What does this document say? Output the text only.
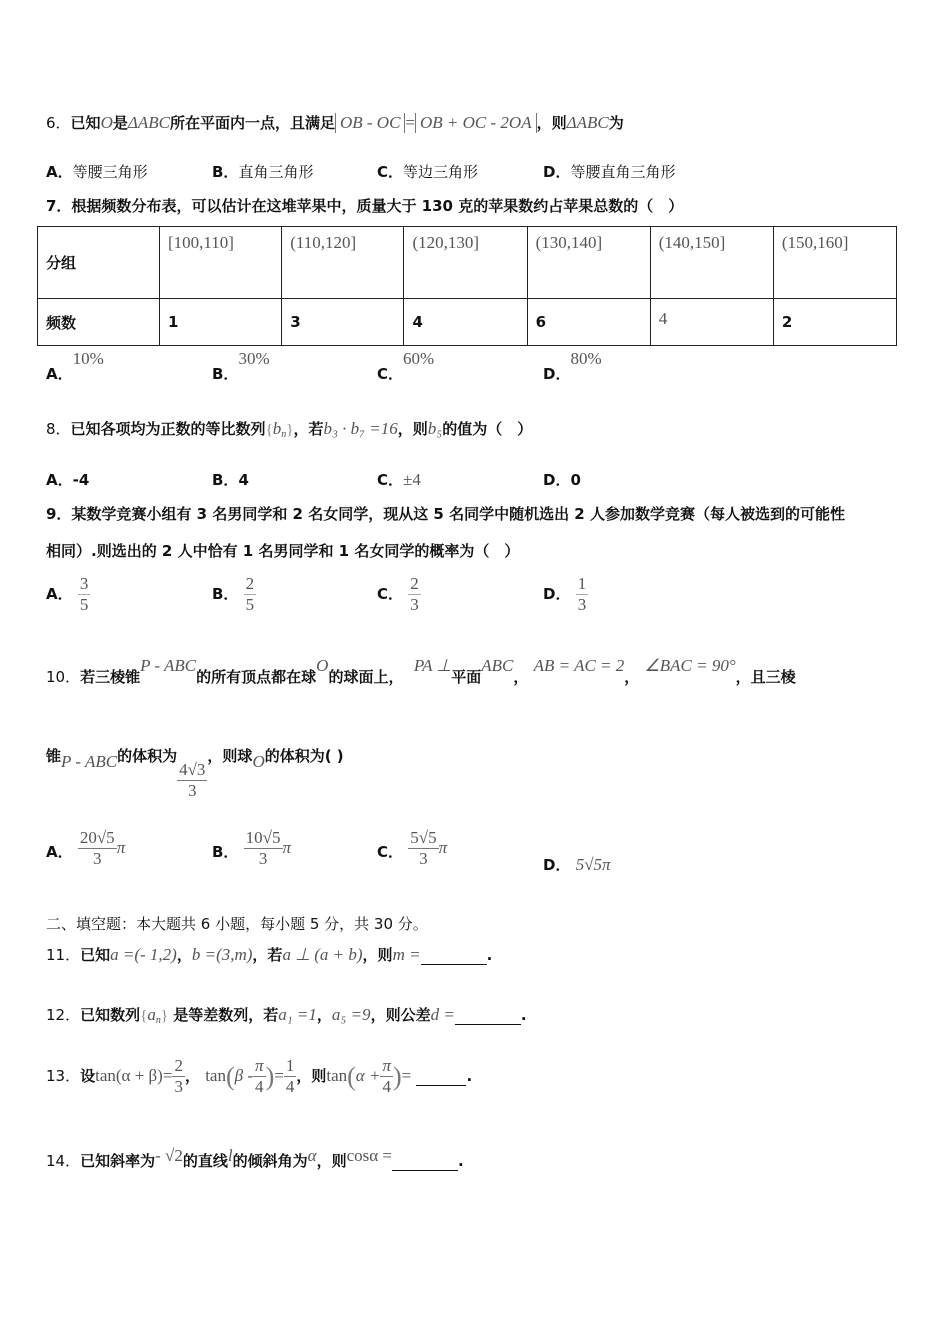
6．已知O是ΔABC所在平面内一点，且满足 OB - OC = OB + OC - 2OA ，则ΔABC为
A．等腰三角形	B．直角三角形	C．等边三角形	D．等腰直角三角形
7．根据频数分布表，可以估计在这堆苹果中，质量大于 130 克的苹果数约占苹果总数的（　）
分组	[100,110]	(110,120]	(120,130]	(130,140]	(140,150]	(150,160]
频数	1	3	4	6	4	2
A．10%
B．30%
C．60%
D．80%
8．已知各项均为正数的等比数列$\{b_n\}$，若b₃ · b₇ =16，则b₅的值为（　）
A．-4	B．4	C．±4	D．0
9．某数学竞赛小组有 3 名男同学和 2 名女同学，现从这 5 名同学中随机选出 2 人参加数学竞赛（每人被选到的可能性
相同）.则选出的 2 人中恰有 1 名男同学和 1 名女同学的概率为（　）
A． $\frac{3}{5}$	B． $\frac{2}{5}$	C． $\frac{2}{3}$	D． $\frac{1}{3}$
10．若三棱锥P - ABC的所有顶点都在球O的球面上，  PA ⊥平面ABC， AB = AC = 2， ∠BAC = 90°，且三棱
锥P - ABC的体积为
$\frac{4√3}{3}$
，则球O的体积为( )
A． $\frac{20√5}{3}$ π	B． $\frac{10√5}{3}$ π	C． $\frac{5√5}{3}$ π
D． 5√5π
二、填空题：本大题共 6 小题，每小题 5 分，共 30 分。
11．已知a =(- 1,2)，b =(3,m)，若a ⊥ (a + b)，则m =	.
12．已知数列$\{a_n\}$ 是等差数列，若a₁ =1，a₅ =9，则公差d =	.
13．设$\tan(\alpha + \beta)= \frac{2}{3}$ ， $\tan(\beta - \frac{\pi}{4}$ )= $\frac{1}{4}$ ，则$\tan(\alpha + \frac{\pi}{4}$ )=	.
14．已知斜率为- √2的直线l的倾斜角为α，则cosα =	.
